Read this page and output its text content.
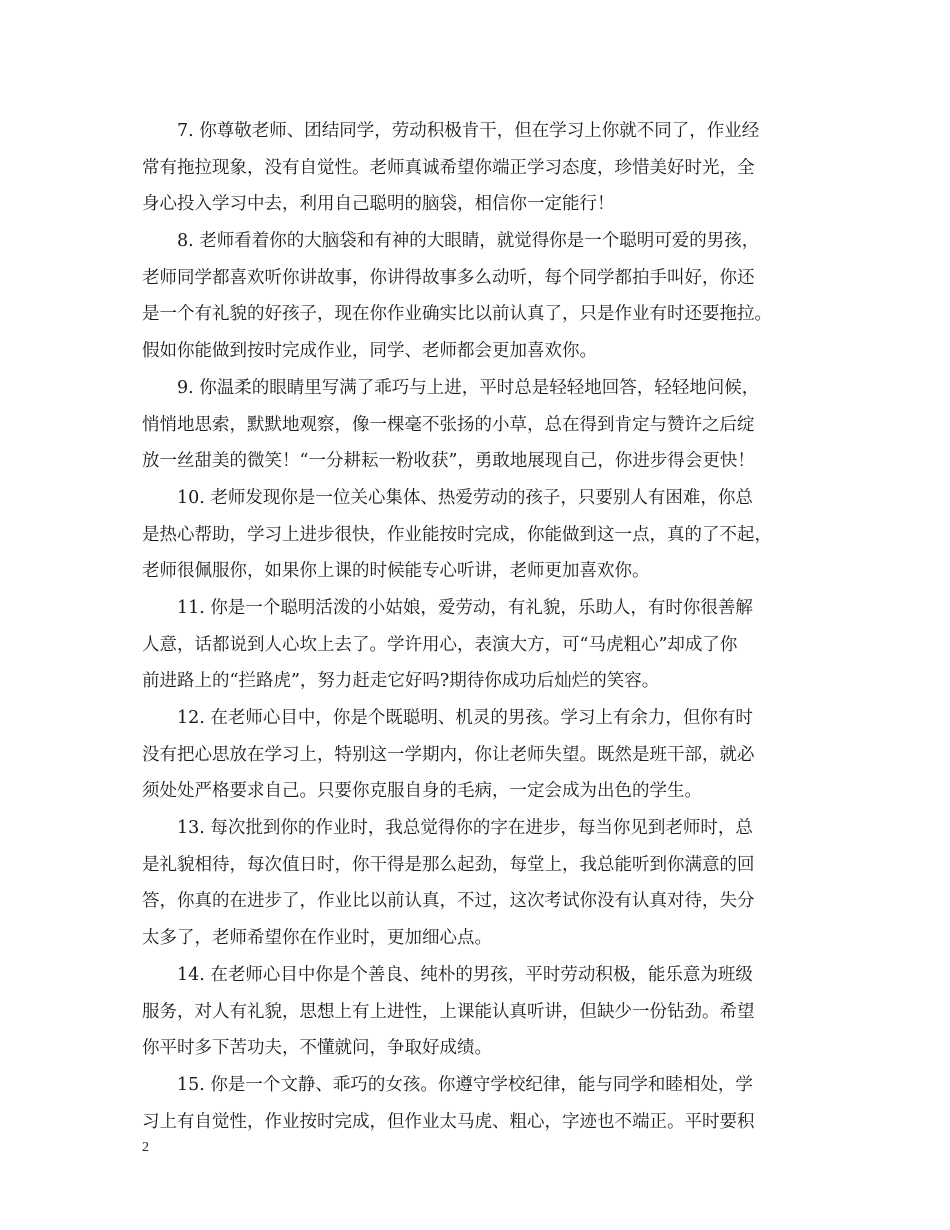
7. 你尊敬老师、团结同学，劳动积极肯干，但在学习上你就不同了，作业经
常有拖拉现象，没有自觉性。老师真诚希望你端正学习态度，珍惜美好时光，全
身心投入学习中去，利用自己聪明的脑袋，相信你一定能行！
8. 老师看着你的大脑袋和有神的大眼睛，就觉得你是一个聪明可爱的男孩，
老师同学都喜欢听你讲故事，你讲得故事多么动听，每个同学都拍手叫好，你还
是一个有礼貌的好孩子，现在你作业确实比以前认真了，只是作业有时还要拖拉。
假如你能做到按时完成作业，同学、老师都会更加喜欢你。
9. 你温柔的眼睛里写满了乖巧与上进，平时总是轻轻地回答，轻轻地问候，
悄悄地思索，默默地观察，像一棵毫不张扬的小草，总在得到肯定与赞许之后绽
放一丝甜美的微笑！“一分耕耘一粉收获”，勇敢地展现自己，你进步得会更快！
10. 老师发现你是一位关心集体、热爱劳动的孩子，只要别人有困难，你总
是热心帮助，学习上进步很快，作业能按时完成，你能做到这一点，真的了不起，
老师很佩服你，如果你上课的时候能专心听讲，老师更加喜欢你。
11. 你是一个聪明活泼的小姑娘，爱劳动，有礼貌，乐助人，有时你很善解
人意，话都说到人心坎上去了。学许用心，表演大方，可“马虎粗心”却成了你
前进路上的“拦路虎”，努力赶走它好吗?期待你成功后灿烂的笑容。
12. 在老师心目中，你是个既聪明、机灵的男孩。学习上有余力，但你有时
没有把心思放在学习上，特别这一学期内，你让老师失望。既然是班干部，就必
须处处严格要求自己。只要你克服自身的毛病，一定会成为出色的学生。
13. 每次批到你的作业时，我总觉得你的字在进步，每当你见到老师时，总
是礼貌相待，每次值日时，你干得是那么起劲，每堂上，我总能听到你满意的回
答，你真的在进步了，作业比以前认真，不过，这次考试你没有认真对待，失分
太多了，老师希望你在作业时，更加细心点。
14. 在老师心目中你是个善良、纯朴的男孩，平时劳动积极，能乐意为班级
服务，对人有礼貌，思想上有上进性，上课能认真听讲，但缺少一份钻劲。希望
你平时多下苦功夫，不懂就问，争取好成绩。
15. 你是一个文静、乖巧的女孩。你遵守学校纪律，能与同学和睦相处，学
习上有自觉性，作业按时完成，但作业太马虎、粗心，字迹也不端正。平时要积
2
